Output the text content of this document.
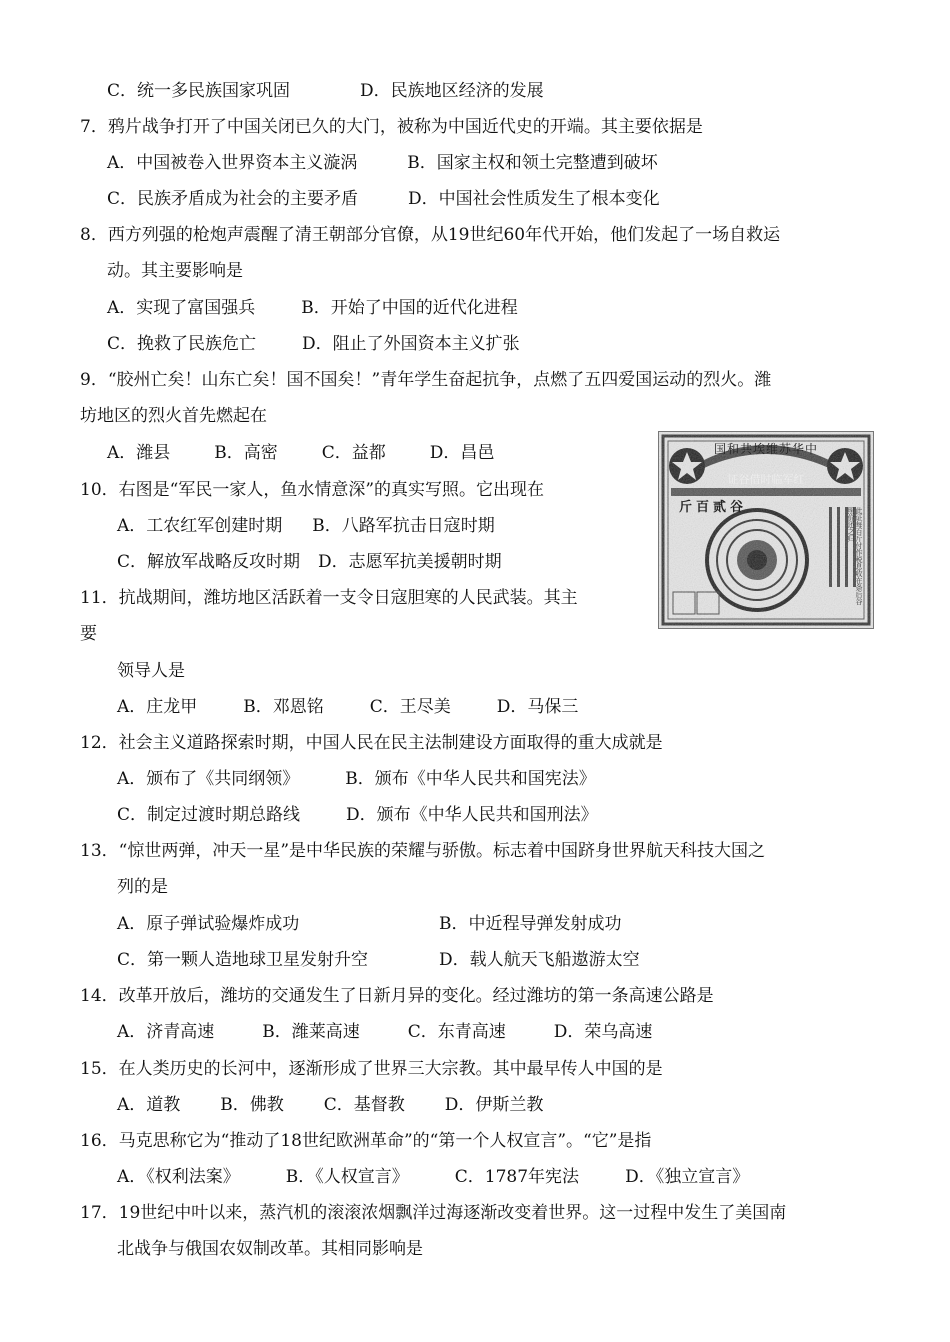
C．统一多民族国家巩固	D．民族地区经济的发展
7．鸦片战争打开了中国关闭已久的大门，被称为中国近代史的开端。其主要依据是
A．中国被卷入世界资本主义漩涡	B．国家主权和领土完整遭到破坏
C．民族矛盾成为社会的主要矛盾	D．中国社会性质发生了根本变化
8．西方列强的枪炮声震醒了清王朝部分官僚，从19世纪60年代开始，他们发起了一场自救运
动。其主要影响是
A．实现了富国强兵	B．开始了中国的近代化进程
C．挽救了民族危亡	D．阻止了外国资本主义扩张
9．“胶州亡矣！山东亡矣！国不国矣！”青年学生奋起抗争，点燃了五四爱国运动的烈火。潍
坊地区的烈火首先燃起在
A．潍县	B．高密	C．益都	D．昌邑	国和共埃维苏华中
证谷借时临军红
斤百贰谷	此证每百斤付作税息收在条后谷照价还之归
10．右图是“军民一家人，鱼水情意深”的真实写照。它出现在
A．工农红军创建时期 B．八路军抗击日寇时期
C．解放军战略反攻时期 D．志愿军抗美援朝时期
11．抗战期间，潍坊地区活跃着一支令日寇胆寒的人民武装。其主
要
领导人是
A．庄龙甲	B．邓恩铭	C．王尽美	D．马保三
12．社会主义道路探索时期，中国人民在民主法制建设方面取得的重大成就是
A．颁布了《共同纲领》	B．颁布《中华人民共和国宪法》
C．制定过渡时期总路线	D．颁布《中华人民共和国刑法》
13．“惊世两弹，冲天一星”是中华民族的荣耀与骄傲。标志着中国跻身世界航天科技大国之
列的是
A．原子弹试验爆炸成功	B．中近程导弹发射成功
C．第一颗人造地球卫星发射升空	D．载人航天飞船遨游太空
14．改革开放后，潍坊的交通发生了日新月异的变化。经过潍坊的第一条高速公路是
A．济青高速	B．潍莱高速	C．东青高速	D．荣乌高速
15．在人类历史的长河中，逐渐形成了世界三大宗教。其中最早传人中国的是
A．道教 B．佛教 C．基督教 D．伊斯兰教
16．马克思称它为“推动了18世纪欧洲革命”的“第一个人权宣言”。“它”是指
A．《权利法案》	B．《人权宣言》	C．1787年宪法	D．《独立宣言》
17．19世纪中叶以来，蒸汽机的滚滚浓烟飘洋过海逐渐改变着世界。这一过程中发生了美国南
北战争与俄国农奴制改革。其相同影响是
